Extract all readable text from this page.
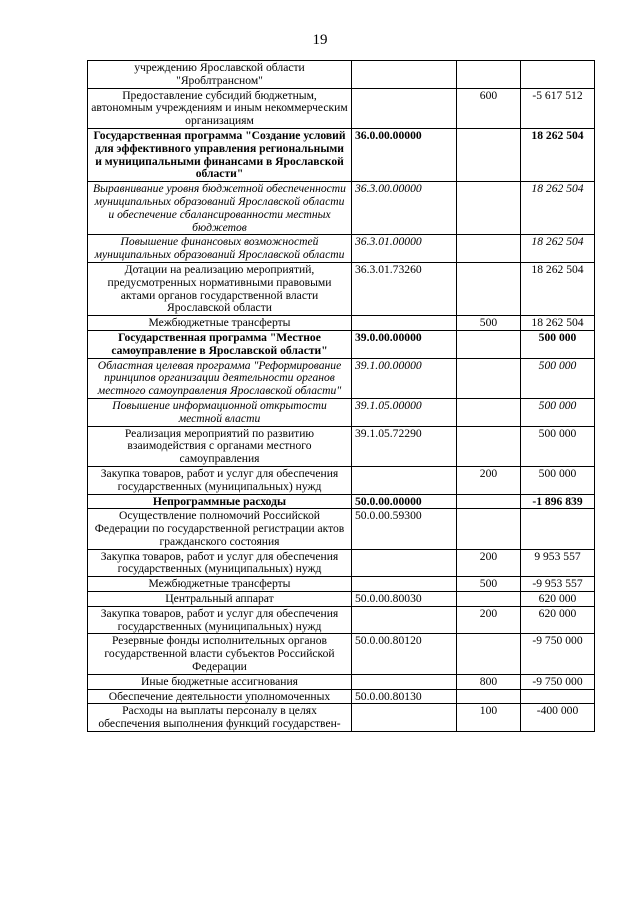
19
учреждению Ярославской области "Яроблтрансном"			
Предоставление субсидий бюджетным, автономным учреждениям и иным некоммерческим организациям		600	-5 617 512
Государственная программа "Создание условий для эффективного управления региональными и муниципальными финансами в Ярославской области"	36.0.00.00000		18 262 504
Выравнивание уровня бюджетной обеспеченности муниципальных образований Ярославской области и обеспечение сбалансированности местных бюджетов	36.3.00.00000		18 262 504
Повышение финансовых возможностей муниципальных образований Ярославской области	36.3.01.00000		18 262 504
Дотации на реализацию мероприятий, предусмотренных нормативными правовыми актами органов государственной власти Ярославской области	36.3.01.73260		18 262 504
Межбюджетные трансферты		500	18 262 504
Государственная программа "Местное самоуправление в Ярославской области"	39.0.00.00000		500 000
Областная целевая программа "Реформирование принципов организации деятельности органов местного самоуправления Ярославской области"	39.1.00.00000		500 000
Повышение информационной открытости местной власти	39.1.05.00000		500 000
Реализация мероприятий по развитию взаимодействия с органами местного самоуправления	39.1.05.72290		500 000
Закупка товаров, работ и услуг для обеспечения государственных (муниципальных) нужд		200	500 000
Непрограммные расходы	50.0.00.00000		-1 896 839
Осуществление полномочий Российской Федерации по государственной регистрации актов гражданского состояния	50.0.00.59300		
Закупка товаров, работ и услуг для обеспечения государственных (муниципальных) нужд		200	9 953 557
Межбюджетные трансферты		500	-9 953 557
Центральный аппарат	50.0.00.80030		620 000
Закупка товаров, работ и услуг для обеспечения государственных (муниципальных) нужд		200	620 000
Резервные фонды исполнительных органов государственной власти субъектов Российской Федерации	50.0.00.80120		-9 750 000
Иные бюджетные ассигнования		800	-9 750 000
Обеспечение деятельности уполномоченных	50.0.00.80130		
Расходы на выплаты персоналу в целях обеспечения выполнения функций государствен-		100	-400 000
